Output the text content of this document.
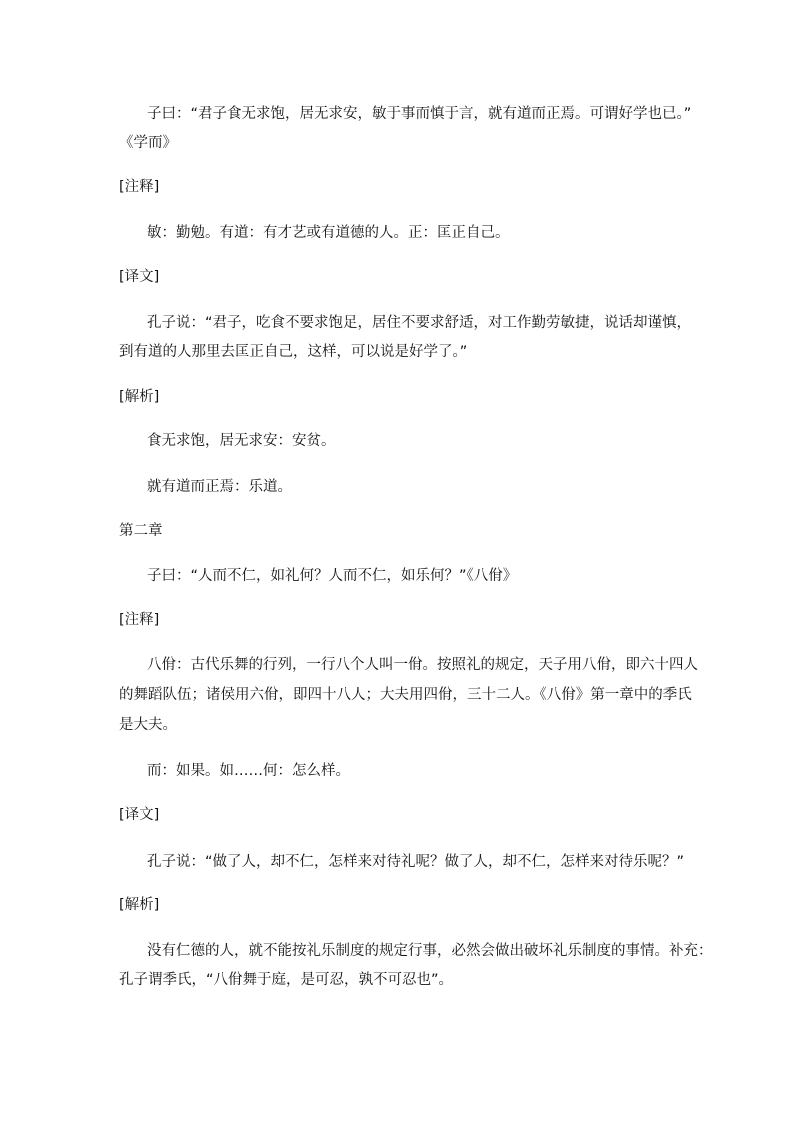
子曰：“君子食无求饱，居无求安，敏于事而慎于言，就有道而正焉。可谓好学也已。”
《学而》
[注释]
敏：勤勉。有道：有才艺或有道德的人。正：匡正自己。
[译文]
孔子说：“君子，吃食不要求饱足，居住不要求舒适，对工作勤劳敏捷，说话却谨慎，
到有道的人那里去匡正自己，这样，可以说是好学了。”
[解析]
食无求饱，居无求安：安贫。
就有道而正焉：乐道。
第二章
子曰：“人而不仁，如礼何？人而不仁，如乐何？”《八佾》
[注释]
八佾：古代乐舞的行列，一行八个人叫一佾。按照礼的规定，天子用八佾，即六十四人
的舞蹈队伍；诸侯用六佾，即四十八人；大夫用四佾，三十二人。《八佾》第一章中的季氏
是大夫。
而：如果。如……何：怎么样。
[译文]
孔子说：“做了人，却不仁，怎样来对待礼呢？做了人，却不仁，怎样来对待乐呢？”
[解析]
没有仁德的人，就不能按礼乐制度的规定行事，必然会做出破坏礼乐制度的事情。补充：
孔子谓季氏，“八佾舞于庭，是可忍，孰不可忍也”。
